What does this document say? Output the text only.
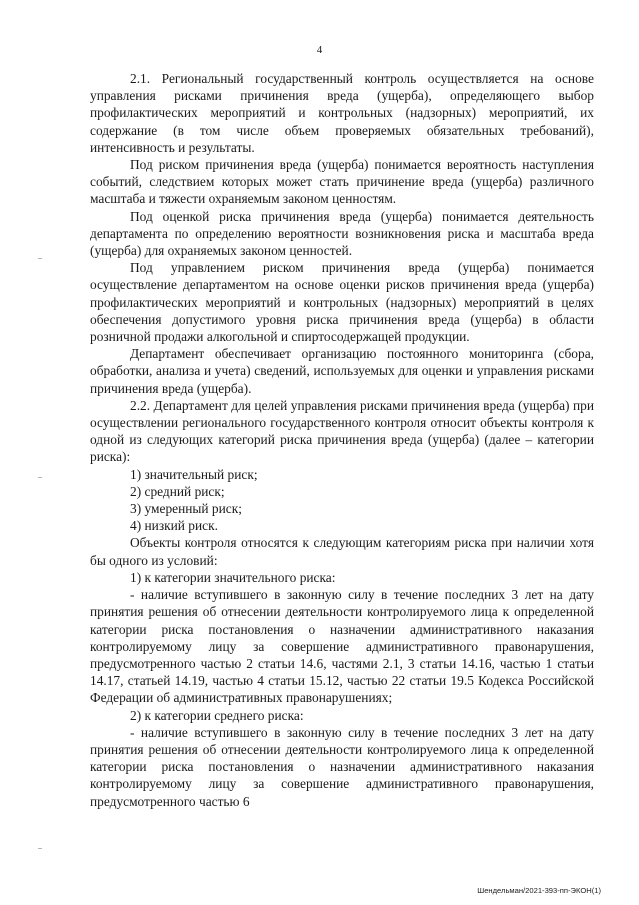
4

2.1. Региональный государственный контроль осуществляется на основе управления рисками причинения вреда (ущерба), определяющего выбор профилактических мероприятий и контрольных (надзорных) мероприятий, их содержание (в том числе объем проверяемых обязательных требований), интенсивность и результаты.

Под риском причинения вреда (ущерба) понимается вероятность наступления событий, следствием которых может стать причинение вреда (ущерба) различного масштаба и тяжести охраняемым законом ценностям.

Под оценкой риска причинения вреда (ущерба) понимается деятельность департамента по определению вероятности возникновения риска и масштаба вреда (ущерба) для охраняемых законом ценностей.

Под управлением риском причинения вреда (ущерба) понимается осуществление департаментом на основе оценки рисков причинения вреда (ущерба) профилактических мероприятий и контрольных (надзорных) мероприятий в целях обеспечения допустимого уровня риска причинения вреда (ущерба) в области розничной продажи алкогольной и спиртосодержащей продукции.

Департамент обеспечивает организацию постоянного мониторинга (сбора, обработки, анализа и учета) сведений, используемых для оценки и управления рисками причинения вреда (ущерба).

2.2. Департамент для целей управления рисками причинения вреда (ущерба) при осуществлении регионального государственного контроля относит объекты контроля к одной из следующих категорий риска причинения вреда (ущерба) (далее – категории риска):

1) значительный риск;

2) средний риск;

3) умеренный риск;

4) низкий риск.

Объекты контроля относятся к следующим категориям риска при наличии хотя бы одного из условий:

1) к категории значительного риска:

- наличие вступившего в законную силу в течение последних 3 лет на дату принятия решения об отнесении деятельности контролируемого лица к определенной категории риска постановления о назначении административного наказания контролируемому лицу за совершение административного правонарушения, предусмотренного частью 2 статьи 14.6, частями 2.1, 3 статьи 14.16, частью 1 статьи 14.17, статьей 14.19, частью 4 статьи 15.12, частью 22 статьи 19.5 Кодекса Российской Федерации об административных правонарушениях;

2) к категории среднего риска:

- наличие вступившего в законную силу в течение последних 3 лет на дату принятия решения об отнесении деятельности контролируемого лица к определенной категории риска постановления о назначении административного наказания контролируемому лицу за совершение административного правонарушения, предусмотренного частью 6

Шендельман/2021-393-пп-ЭКОН(1)
